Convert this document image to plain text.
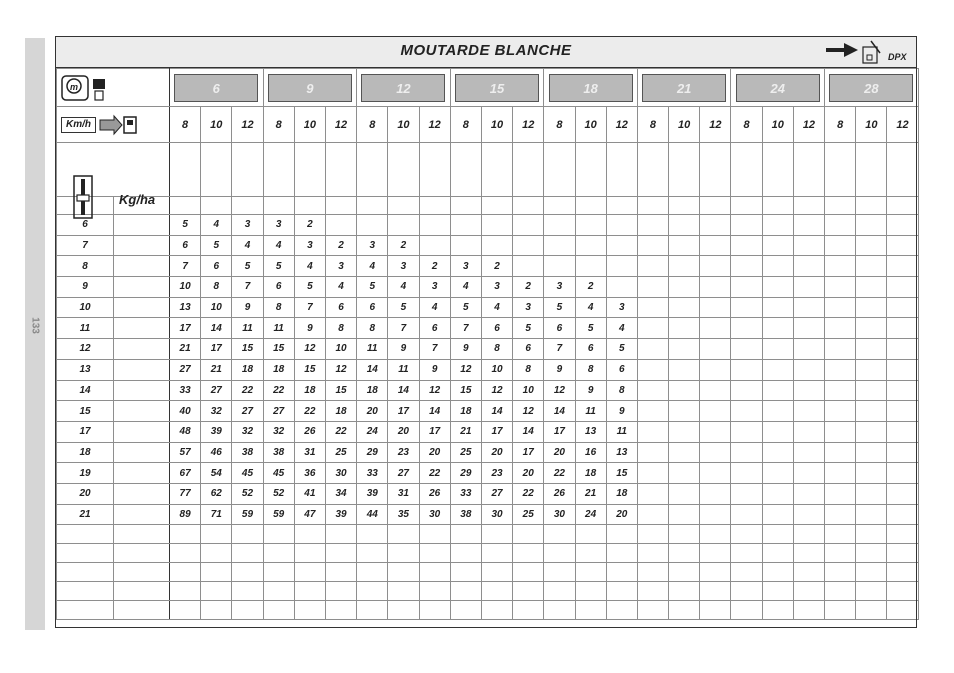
133
MOUTARDE BLANCHE	DPX
m		6			9			12			15			18			21			24			28		

Km/h		8	10	12	8	10	12	8	10	12	8	10	12	8	10	12	8	10	12	8	10	12	8	10	12

Kg/ha																									

6		5	4	3	3	2																			
7		6	5	4	4	3	2	3	2																
8		7	6	5	5	4	3	4	3	2	3	2													
9		10	8	7	6	5	4	5	4	3	4	3	2	3	2										
10		13	10	9	8	7	6	6	5	4	5	4	3	5	4	3									
11		17	14	11	11	9	8	8	7	6	7	6	5	6	5	4									
12		21	17	15	15	12	10	11	9	7	9	8	6	7	6	5									
13		27	21	18	18	15	12	14	11	9	12	10	8	9	8	6									
14		33	27	22	22	18	15	18	14	12	15	12	10	12	9	8									
15		40	32	27	27	22	18	20	17	14	18	14	12	14	11	9									
17		48	39	32	32	26	22	24	20	17	21	17	14	17	13	11									
18		57	46	38	38	31	25	29	23	20	25	20	17	20	16	13									
19		67	54	45	45	36	30	33	27	22	29	23	20	22	18	15									
20		77	62	52	52	41	34	39	31	26	33	27	22	26	21	18									
21		89	71	59	59	47	39	44	35	30	38	30	25	30	24	20									
